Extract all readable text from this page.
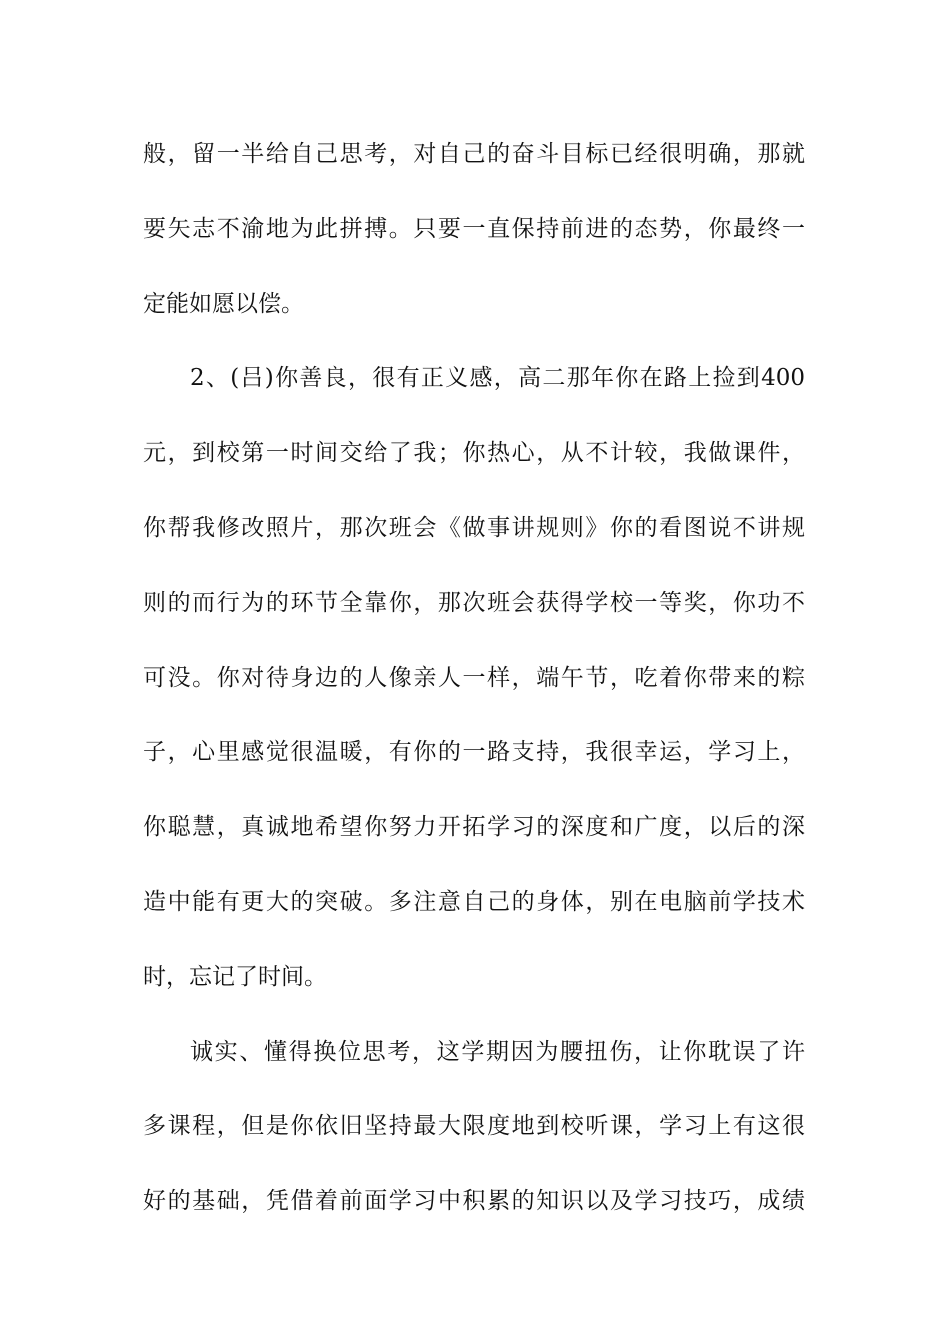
般，留一半给自己思考，对自己的奋斗目标已经很明确，那就
要矢志不渝地为此拼搏。只要一直保持前进的态势，你最终一
定能如愿以偿。
2、(吕)你善良，很有正义感，高二那年你在路上捡到400
元，到校第一时间交给了我；你热心，从不计较，我做课件，
你帮我修改照片，那次班会《做事讲规则》你的看图说不讲规
则的而行为的环节全靠你，那次班会获得学校一等奖，你功不
可没。你对待身边的人像亲人一样，端午节，吃着你带来的粽
子，心里感觉很温暖，有你的一路支持，我很幸运，学习上，
你聪慧，真诚地希望你努力开拓学习的深度和广度，以后的深
造中能有更大的突破。多注意自己的身体，别在电脑前学技术
时，忘记了时间。
诚实、懂得换位思考，这学期因为腰扭伤，让你耽误了许
多课程，但是你依旧坚持最大限度地到校听课，学习上有这很
好的基础，凭借着前面学习中积累的知识以及学习技巧，成绩
